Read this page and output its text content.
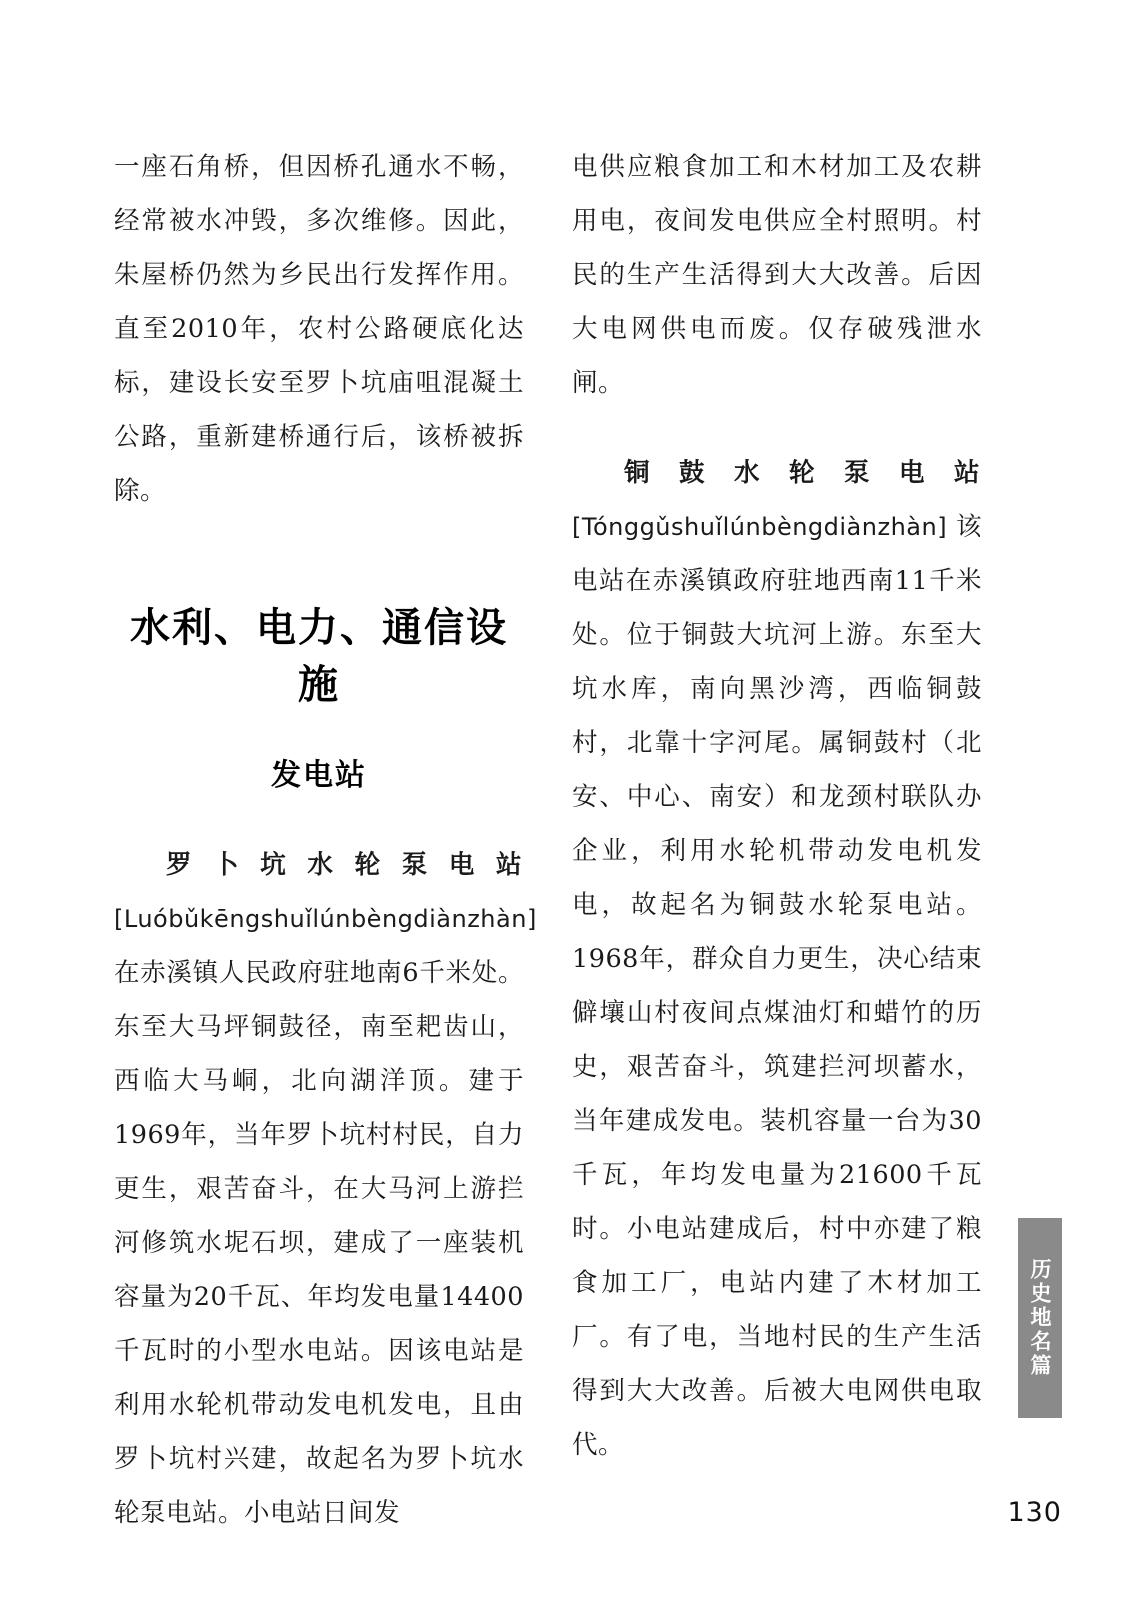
一座石角桥，但因桥孔通水不畅，经常被水冲毁，多次维修。因此，朱屋桥仍然为乡民出行发挥作用。直至2010年，农村公路硬底化达标，建设长安至罗卜坑庙咀混凝土公路，重新建桥通行后，该桥被拆除。

水利、电力、通信设施
发电站

罗卜坑水轮泵电站 [Luóbǔkēngshuǐlúnbèngdiànzhàn] 在赤溪镇人民政府驻地南6千米处。东至大马坪铜鼓径，南至耙齿山，西临大马峒，北向湖洋顶。建于1969年，当年罗卜坑村村民，自力更生，艰苦奋斗，在大马河上游拦河修筑水坭石坝，建成了一座装机容量为20千瓦、年均发电量14400千瓦时的小型水电站。因该电站是利用水轮机带动发电机发电，且由罗卜坑村兴建，故起名为罗卜坑水轮泵电站。小电站日间发

电供应粮食加工和木材加工及农耕用电，夜间发电供应全村照明。村民的生产生活得到大大改善。后因大电网供电而废。仅存破残泄水闸。

铜鼓水轮泵电站 [Tónggǔshuǐlúnbèngdiànzhàn] 该电站在赤溪镇政府驻地西南11千米处。位于铜鼓大坑河上游。东至大坑水库，南向黑沙湾，西临铜鼓村，北靠十字河尾。属铜鼓村（北安、中心、南安）和龙颈村联队办企业，利用水轮机带动发电机发电，故起名为铜鼓水轮泵电站。1968年，群众自力更生，决心结束僻壤山村夜间点煤油灯和蜡竹的历史，艰苦奋斗，筑建拦河坝蓄水，当年建成发电。装机容量一台为30千瓦，年均发电量为21600千瓦时。小电站建成后，村中亦建了粮食加工厂，电站内建了木材加工厂。有了电，当地村民的生产生活得到大大改善。后被大电网供电取代。

历史地名篇
130
